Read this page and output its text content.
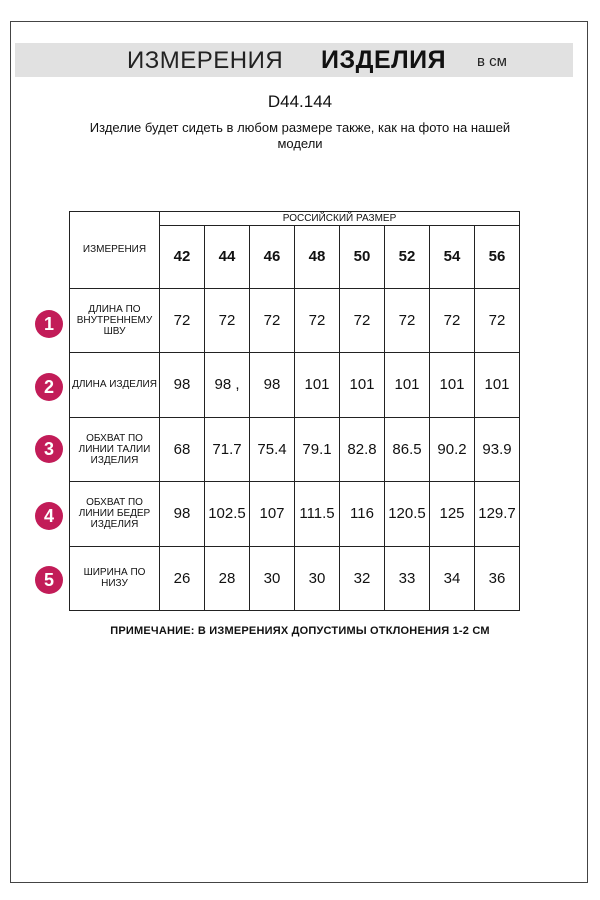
ИЗМЕРЕНИЯ ИЗДЕЛИЯ в см
D44.144
Изделие будет сидеть в любом размере также, как на фото на нашей модели
ИЗМЕРЕНИЯ	РОССИЙСКИЙ РАЗМЕР							
	42	44	46	48	50	52	54	56
ДЛИНА ПО ВНУТРЕННЕМУ ШВУ	72	72	72	72	72	72	72	72
ДЛИНА ИЗДЕЛИЯ	98	98 ,	98	101	101	101	101	101
ОБХВАТ ПО ЛИНИИ ТАЛИИ ИЗДЕЛИЯ	68	71.7	75.4	79.1	82.8	86.5	90.2	93.9
ОБХВАТ ПО ЛИНИИ БЕДЕР ИЗДЕЛИЯ	98	102.5	107	111.5	116	120.5	125	129.7
ШИРИНА ПО НИЗУ	26	28	30	30	32	33	34	36
1
2
3
4
5
ПРИМЕЧАНИЕ: В ИЗМЕРЕНИЯХ ДОПУСТИМЫ ОТКЛОНЕНИЯ 1-2 СМ
